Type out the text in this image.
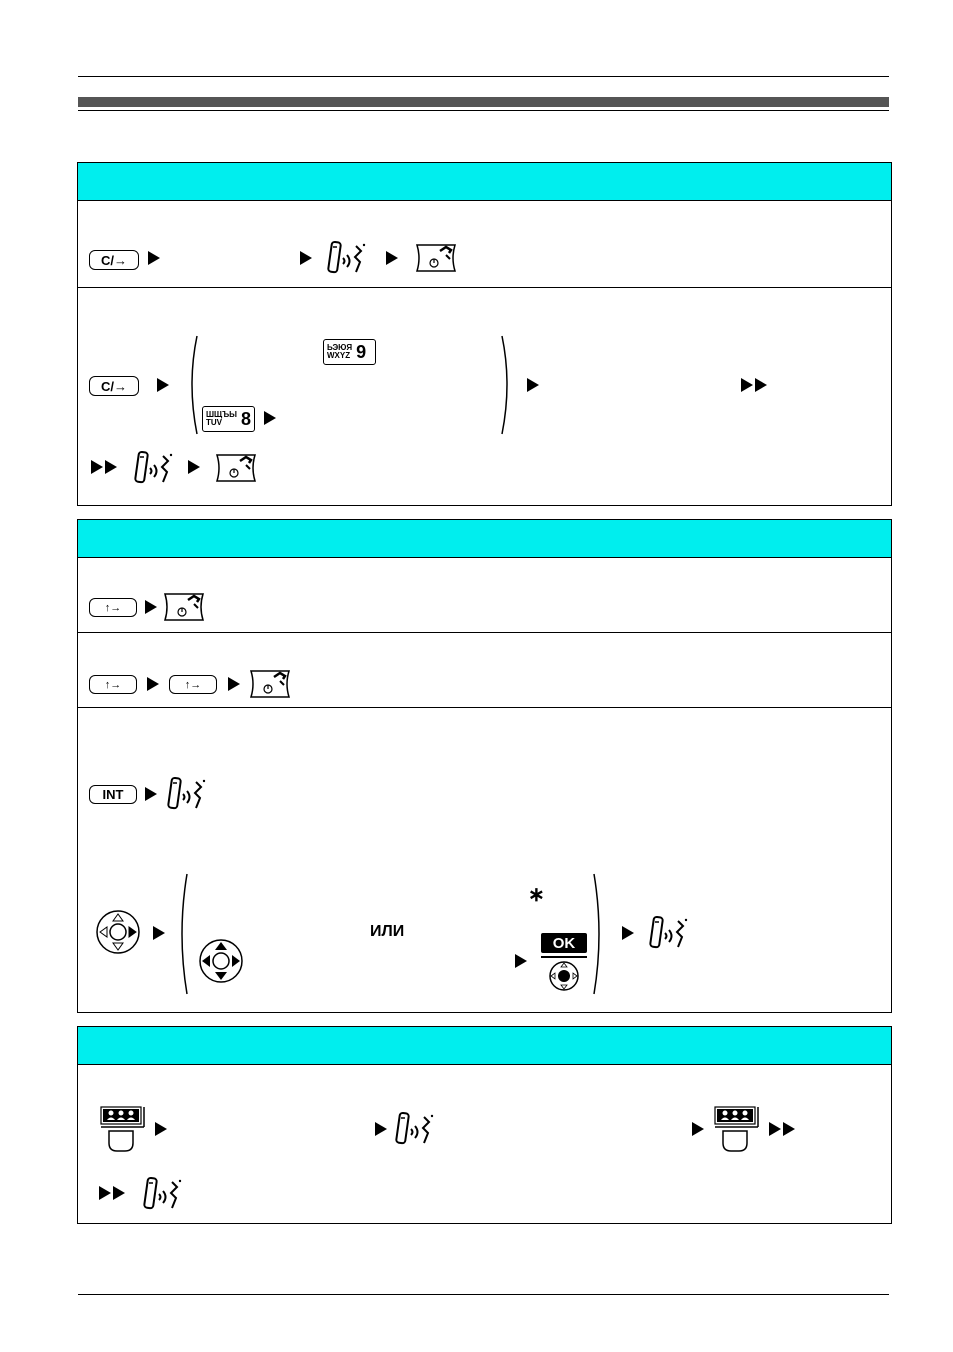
C/→
C/→
ЬЭЮЯ
WXYZ 9
ШЩЪЫ
TUV	8
↑→
↑→	↑→
INT
ИЛИ
∗
OK
